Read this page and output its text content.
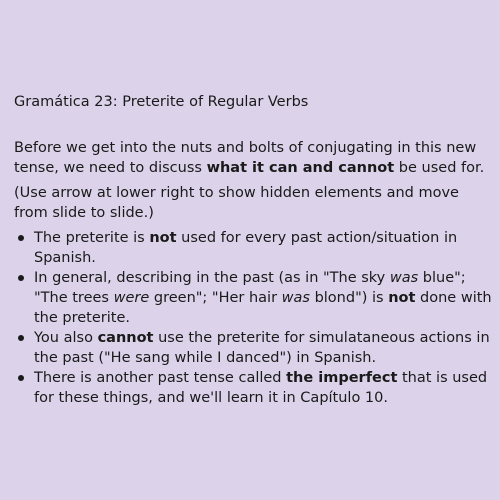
Gramática 23: Preterite of Regular Verbs
Before we get into the nuts and bolts of conjugating in this new tense, we need to discuss what it can and cannot be used for.
(Use arrow at lower right to show hidden elements and move from slide to slide.)
The preterite is not used for every past action/situation in Spanish.
In general, describing in the past (as in "The sky was blue"; "The trees were green"; "Her hair was blond") is not done with the preterite.
You also cannot use the preterite for simulataneous actions in the past ("He sang while I danced") in Spanish.
There is another past tense called the imperfect that is used for these things, and we'll learn it in Capítulo 10.
